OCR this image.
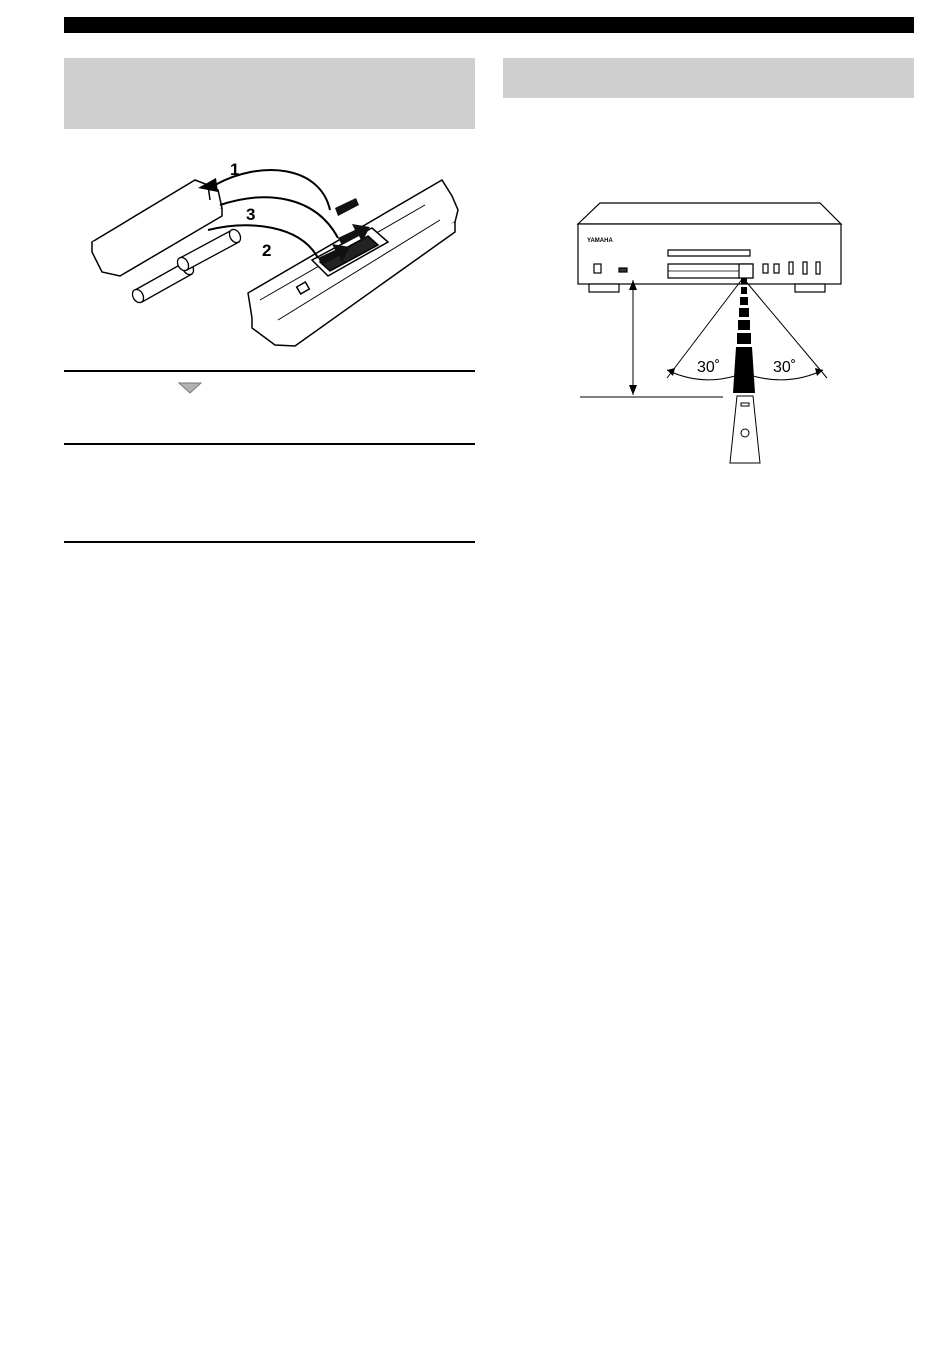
1
3
2	YAMAHA
30˚	30˚
